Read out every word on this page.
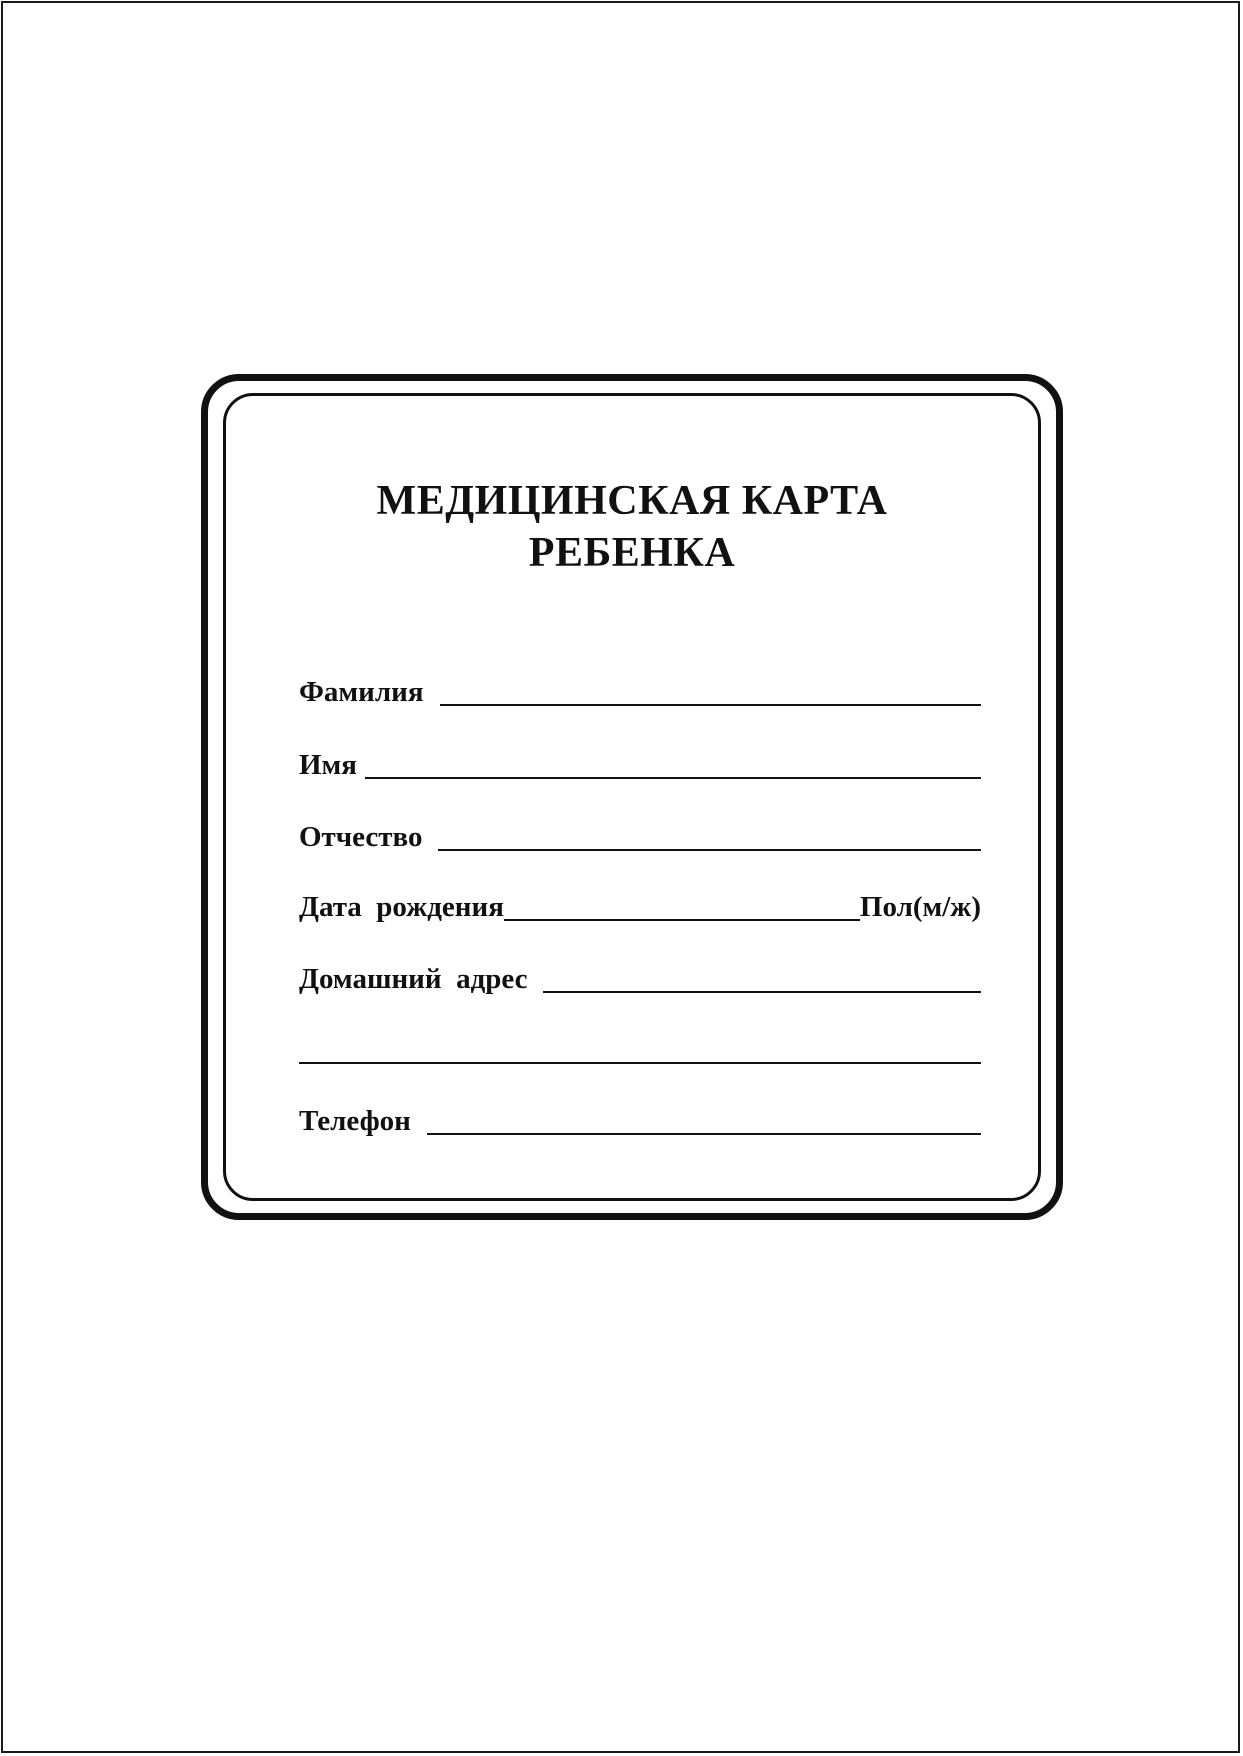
МЕДИЦИНСКАЯ КАРТА
РЕБЕНКА
Фамилия
Имя
Отчество
Дата  рождения	Пол(м/ж)
Домашний  адрес
Телефон
